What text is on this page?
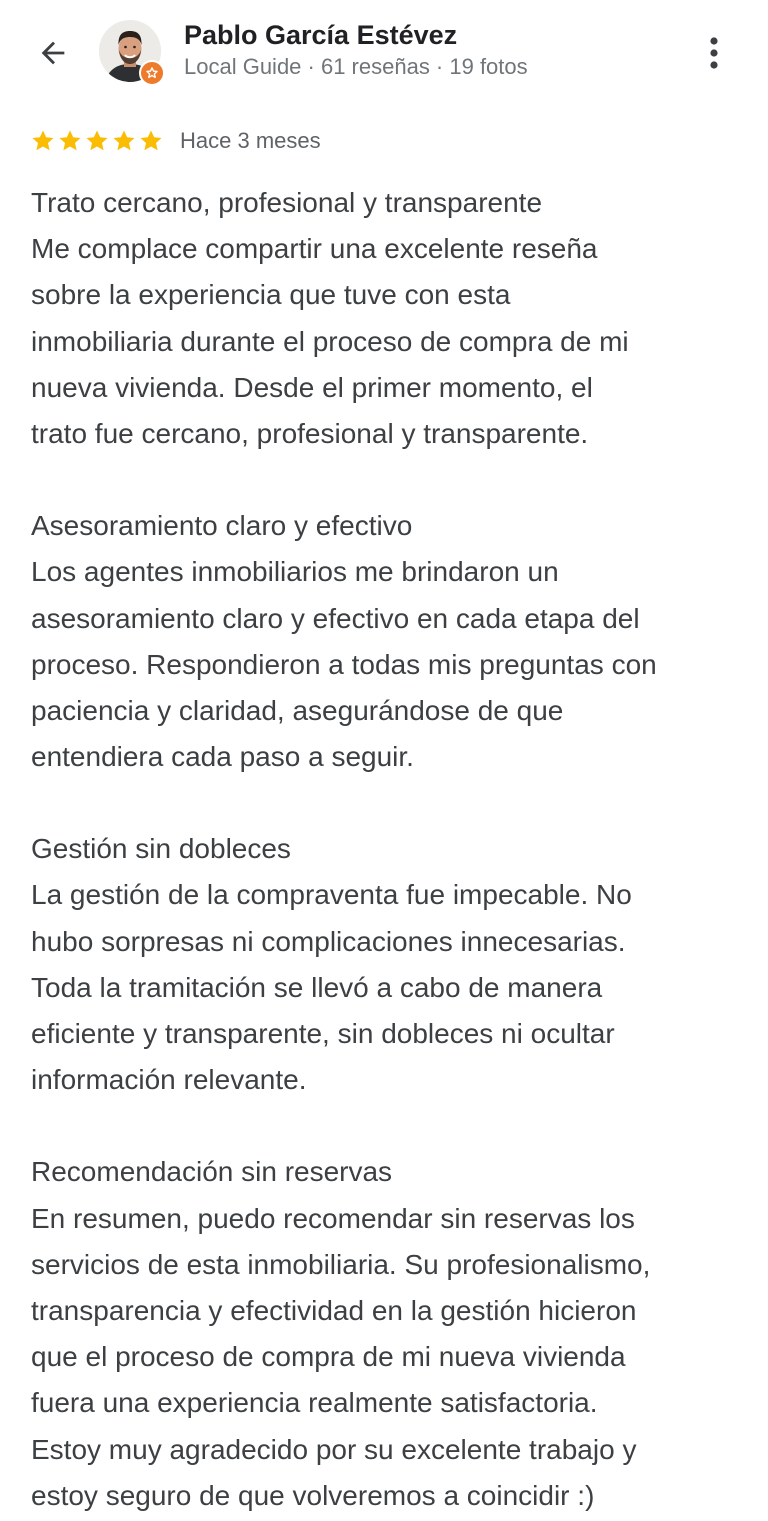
Pablo García Estévez
Local Guide · 61 reseñas · 19 fotos
Hace 3 meses
Trato cercano, profesional y transparente
Me complace compartir una excelente reseña
sobre la experiencia que tuve con esta
inmobiliaria durante el proceso de compra de mi
nueva vivienda. Desde el primer momento, el
trato fue cercano, profesional y transparente.
Asesoramiento claro y efectivo
Los agentes inmobiliarios me brindaron un
asesoramiento claro y efectivo en cada etapa del
proceso. Respondieron a todas mis preguntas con
paciencia y claridad, asegurándose de que
entendiera cada paso a seguir.
Gestión sin dobleces
La gestión de la compraventa fue impecable. No
hubo sorpresas ni complicaciones innecesarias.
Toda la tramitación se llevó a cabo de manera
eficiente y transparente, sin dobleces ni ocultar
información relevante.
Recomendación sin reservas
En resumen, puedo recomendar sin reservas los
servicios de esta inmobiliaria. Su profesionalismo,
transparencia y efectividad en la gestión hicieron
que el proceso de compra de mi nueva vivienda
fuera una experiencia realmente satisfactoria.
Estoy muy agradecido por su excelente trabajo y
estoy seguro de que volveremos a coincidir :)
